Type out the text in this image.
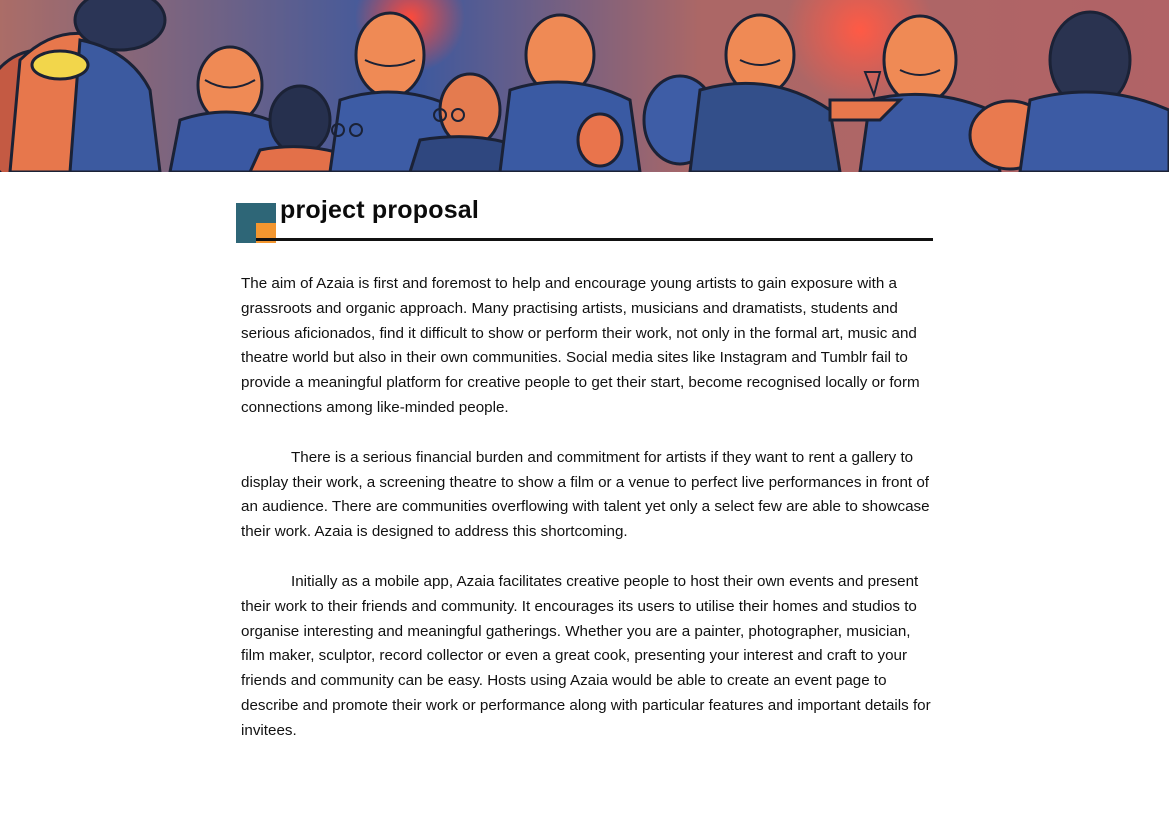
project proposal

The aim of Azaia is first and foremost to help and encourage young artists to gain exposure with a grassroots and organic approach. Many practising artists, musicians and dramatists, students and serious aficionados, find it difficult to show or perform their work, not only in the formal art, music and theatre world but also in their own communities. Social media sites like Instagram and Tumblr fail to provide a meaningful platform for creative people to get their start, become recognised locally or form connections among like-minded people.

There is a serious financial burden and commitment for artists if they want to rent a gallery to display their work, a screening theatre to show a film or a venue to perfect live performances in front of an audience. There are communities overflowing with talent yet only a select few are able to showcase their work. Azaia is designed to address this shortcoming.

Initially as a mobile app, Azaia facilitates creative people to host their own events and present their work to their friends and community. It encourages its users to utilise their homes and studios to organise interesting and meaningful gatherings. Whether you are a painter, photographer, musician, film maker, sculptor, record collector or even a great cook, presenting your interest and craft to your friends and community can be easy. Hosts using Azaia would be able to create an event page to describe and promote their work or performance along with particular features and important details for invitees.
